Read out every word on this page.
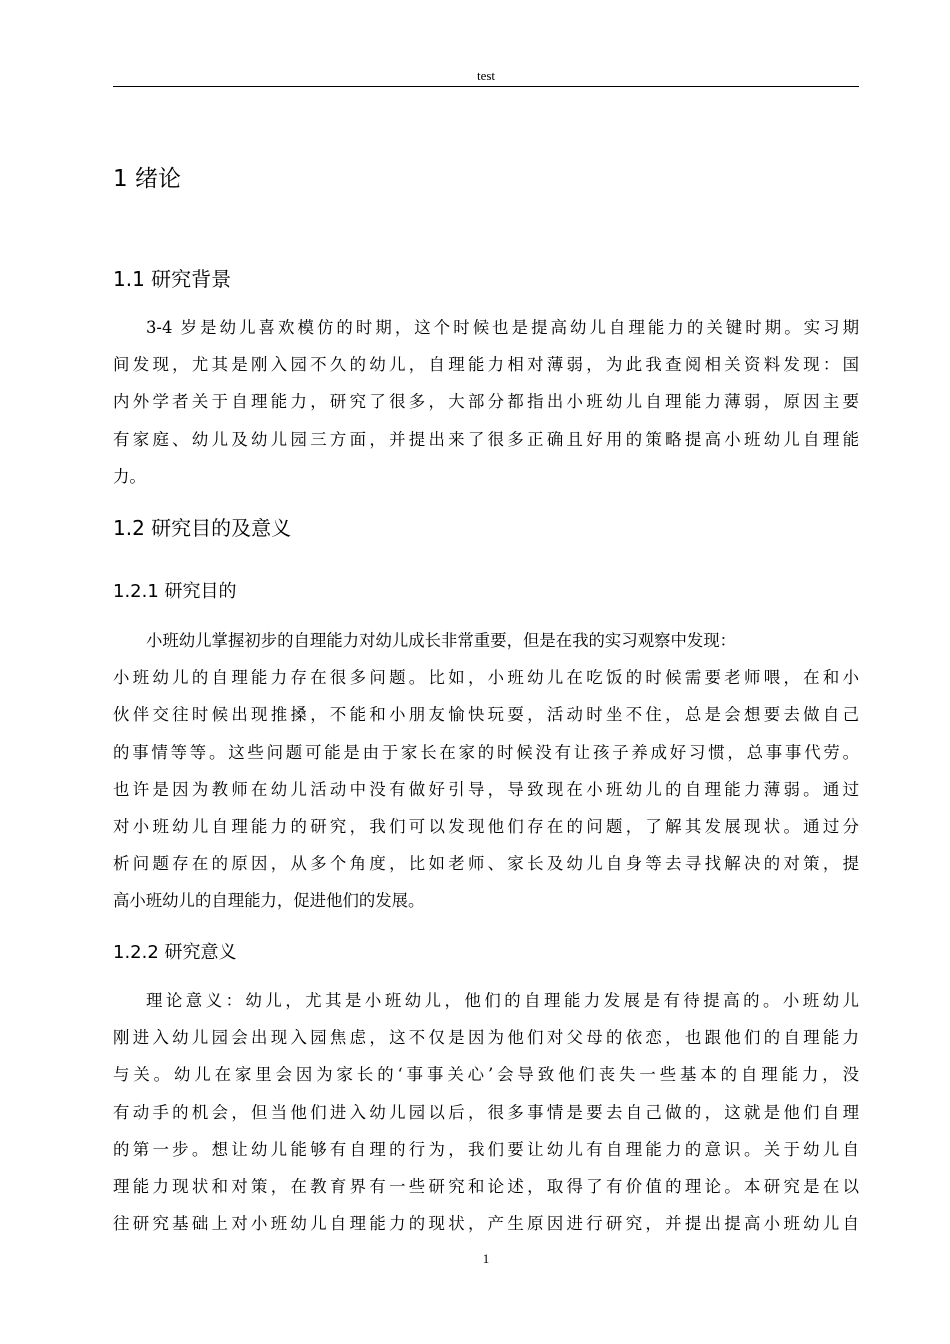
test
1 绪论
1.1 研究背景
3-4 岁是幼儿喜欢模仿的时期，这个时候也是提高幼儿自理能力的关键时期。实习期
间发现，尤其是刚入园不久的幼儿，自理能力相对薄弱，为此我查阅相关资料发现：国
内外学者关于自理能力，研究了很多，大部分都指出小班幼儿自理能力薄弱，原因主要
有家庭、幼儿及幼儿园三方面，并提出来了很多正确且好用的策略提高小班幼儿自理能
力。
1.2 研究目的及意义
1.2.1 研究目的
小班幼儿掌握初步的自理能力对幼儿成长非常重要，但是在我的实习观察中发现：
小班幼儿的自理能力存在很多问题。比如，小班幼儿在吃饭的时候需要老师喂，在和小
伙伴交往时候出现推搡，不能和小朋友愉快玩耍，活动时坐不住，总是会想要去做自己
的事情等等。这些问题可能是由于家长在家的时候没有让孩子养成好习惯，总事事代劳。
也许是因为教师在幼儿活动中没有做好引导，导致现在小班幼儿的自理能力薄弱。通过
对小班幼儿自理能力的研究，我们可以发现他们存在的问题，了解其发展现状。通过分
析问题存在的原因，从多个角度，比如老师、家长及幼儿自身等去寻找解决的对策，提
高小班幼儿的自理能力，促进他们的发展。
1.2.2 研究意义
理论意义：幼儿，尤其是小班幼儿，他们的自理能力发展是有待提高的。小班幼儿
刚进入幼儿园会出现入园焦虑，这不仅是因为他们对父母的依恋，也跟他们的自理能力
与关。幼儿在家里会因为家长的‘事事关心’会导致他们丧失一些基本的自理能力，没
有动手的机会，但当他们进入幼儿园以后，很多事情是要去自己做的，这就是他们自理
的第一步。想让幼儿能够有自理的行为，我们要让幼儿有自理能力的意识。关于幼儿自
理能力现状和对策，在教育界有一些研究和论述，取得了有价值的理论。本研究是在以
往研究基础上对小班幼儿自理能力的现状，产生原因进行研究，并提出提高小班幼儿自
1
